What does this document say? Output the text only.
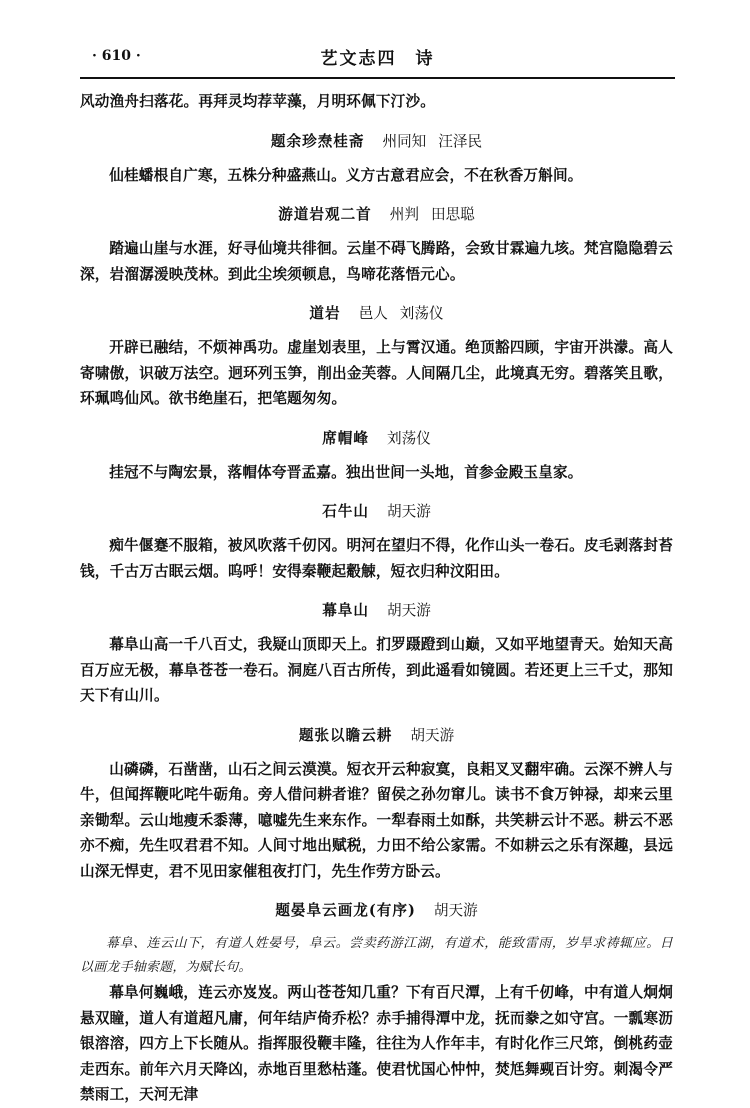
· 610 ·	艺文志四　诗

风动渔舟扫落花。再拜灵均荐苹藻，月明环佩下汀沙。

题余珍焘桂斋 州同知 汪泽民

仙桂蟠根自广寒，五株分种盛燕山。义方古意君应会，不在秋香万斛间。

游道岩观二首 州判 田思聪

踏遍山崖与水涯，好寻仙境共徘徊。云崖不碍飞腾路，会致甘霖遍九垓。梵宫隐隐碧云深，岩溜潺湲映茂林。到此尘埃须顿息，鸟啼花落悟元心。

道岩 邑人 刘荡仪

开辟已融结，不烦神禹功。虚崖划表里，上与霄汉通。绝顶豁四顾，宇宙开洪濛。高人寄啸傲，识破万法空。迥环列玉笋，削出金芙蓉。人间隔几尘，此境真无穷。碧落笑且歌，环珮鸣仙风。欲书绝崖石，把笔题匆匆。

席帽峰 刘荡仪

挂冠不与陶宏景，落帽体夸晋孟嘉。独出世间一头地，首参金殿玉皇家。

石牛山 胡天游

痴牛偃蹇不服箱，被风吹落千仞冈。明河在望归不得，化作山头一卷石。皮毛剥落封苔钱，千古万古眠云烟。呜呼！安得秦鞭起觳觫，短衣归种汶阳田。

幕阜山 胡天游

幕阜山高一千八百丈，我疑山顶即天上。扪罗蹑蹬到山巅，又如平地望青天。始知天高百万应无极，幕阜苍苍一卷石。洞庭八百古所传，到此遥看如镜圆。若还更上三千丈，那知天下有山川。

题张以瞻云耕 胡天游

山磷磷，石凿凿，山石之间云漠漠。短衣开云种寂寞，良耜叉叉翻牢确。云深不辨人与牛，但闻挥鞭叱咤牛砺角。旁人借问耕者谁？留侯之孙勿窜儿。读书不食万钟禄，却来云里亲锄犁。云山地瘦禾黍薄，噫嘘先生来东作。一犁春雨土如酥，共笑耕云计不恶。耕云不恶亦不痴，先生叹君君不知。人间寸地出赋税，力田不给公家需。不如耕云之乐有深趣，县远山深无悍吏，君不见田家催租夜打门，先生作劳方卧云。

题晏阜云画龙(有序) 胡天游

幕阜、连云山下，有道人姓晏号，阜云。尝卖药游江湖，有道术，能致雷雨，岁旱求祷辄应。日以画龙手轴索题，为赋长句。

幕阜何巍峨，连云亦岌岌。两山苍苍知几重？下有百尺潭，上有千仞峰，中有道人炯炯悬双瞳，道人有道超凡庸，何年结庐倚乔松？赤手捕得潭中龙，抚而豢之如守宫。一瓢寒沥银溶溶，四方上下长随从。指挥服役鞭丰隆，往往为人作年丰，有时化作三尺筇，倒桃药壶走西东。前年六月天降凶，赤地百里愁枯蓬。使君忧国心忡忡，焚尪舞觋百计穷。刺渴令严禁雨工，天河无津
